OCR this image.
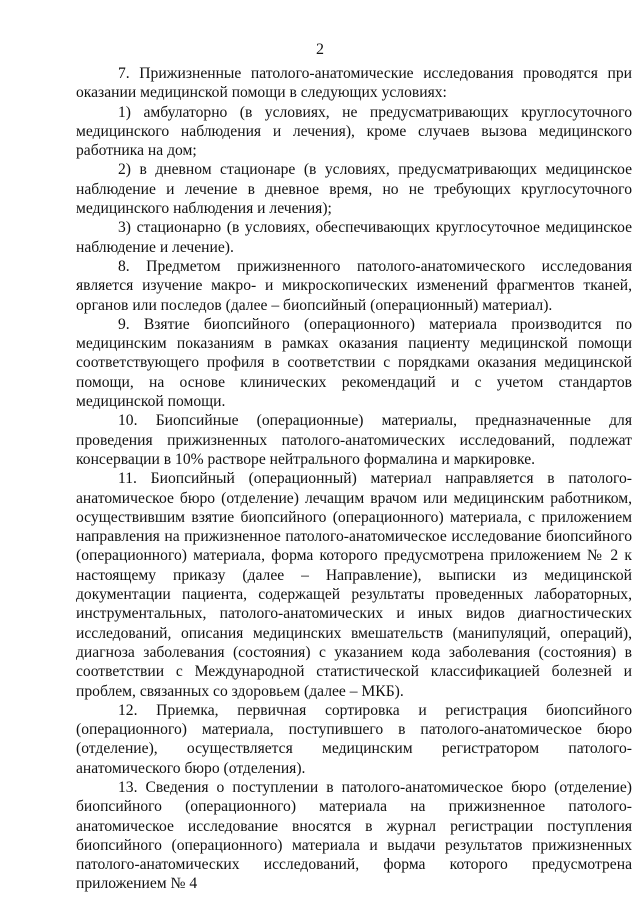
2

7. Прижизненные патолого-анатомические исследования проводятся при оказании медицинской помощи в следующих условиях:

1) амбулаторно (в условиях, не предусматривающих круглосуточного медицинского наблюдения и лечения), кроме случаев вызова медицинского работника на дом;

2) в дневном стационаре (в условиях, предусматривающих медицинское наблюдение и лечение в дневное время, но не требующих круглосуточного медицинского наблюдения и лечения);

3) стационарно (в условиях, обеспечивающих круглосуточное медицинское наблюдение и лечение).

8. Предметом прижизненного патолого-анатомического исследования является изучение макро- и микроскопических изменений фрагментов тканей, органов или последов (далее – биопсийный (операционный) материал).

9. Взятие биопсийного (операционного) материала производится по медицинским показаниям в рамках оказания пациенту медицинской помощи соответствующего профиля в соответствии с порядками оказания медицинской помощи, на основе клинических рекомендаций и с учетом стандартов медицинской помощи.

10. Биопсийные (операционные) материалы, предназначенные для проведения прижизненных патолого-анатомических исследований, подлежат консервации в 10% растворе нейтрального формалина и маркировке.

11. Биопсийный (операционный) материал направляется в патолого-анатомическое бюро (отделение) лечащим врачом или медицинским работником, осуществившим взятие биопсийного (операционного) материала, с приложением направления на прижизненное патолого-анатомическое исследование биопсийного (операционного) материала, форма которого предусмотрена приложением № 2 к настоящему приказу (далее – Направление), выписки из медицинской документации пациента, содержащей результаты проведенных лабораторных, инструментальных, патолого-анатомических и иных видов диагностических исследований, описания медицинских вмешательств (манипуляций, операций), диагноза заболевания (состояния) с указанием кода заболевания (состояния) в соответствии с Международной статистической классификацией болезней и проблем, связанных со здоровьем (далее – МКБ).

12. Приемка, первичная сортировка и регистрация биопсийного (операционного) материала, поступившего в патолого-анатомическое бюро (отделение), осуществляется медицинским регистратором патолого-анатомического бюро (отделения).

13. Сведения о поступлении в патолого-анатомическое бюро (отделение) биопсийного (операционного) материала на прижизненное патолого-анатомическое исследование вносятся в журнал регистрации поступления биопсийного (операционного) материала и выдачи результатов прижизненных патолого-анатомических исследований, форма которого предусмотрена приложением № 4
